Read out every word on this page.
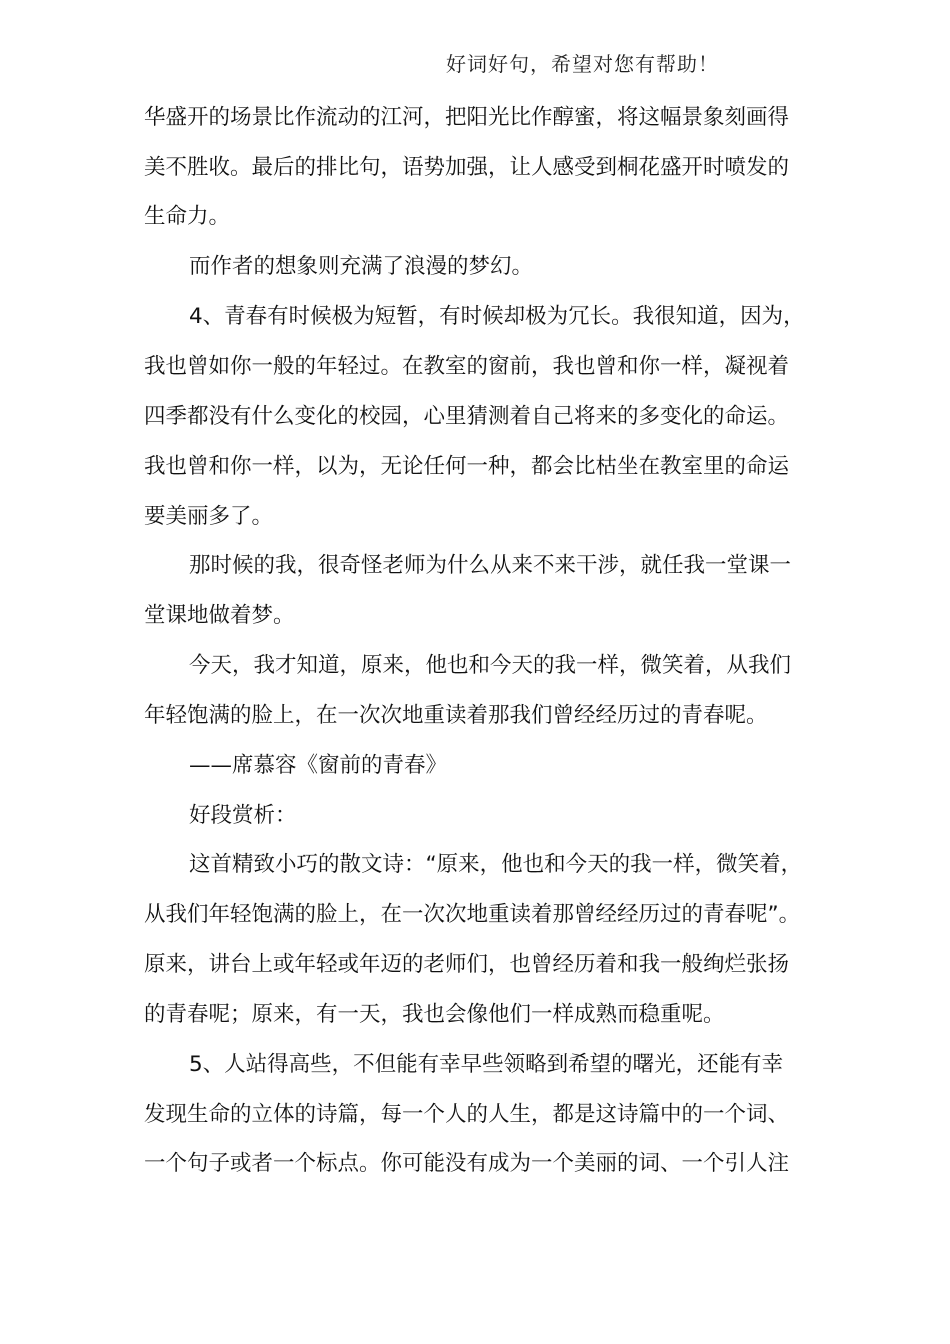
好词好句，希望对您有帮助！
华盛开的场景比作流动的江河，把阳光比作醇蜜，将这幅景象刻画得
美不胜收。最后的排比句，语势加强，让人感受到桐花盛开时喷发的
生命力。
而作者的想象则充满了浪漫的梦幻。
4、青春有时候极为短暂，有时候却极为冗长。我很知道，因为，
我也曾如你一般的年轻过。在教室的窗前，我也曾和你一样，凝视着
四季都没有什么变化的校园，心里猜测着自己将来的多变化的命运。
我也曾和你一样，以为，无论任何一种，都会比枯坐在教室里的命运
要美丽多了。
那时候的我，很奇怪老师为什么从来不来干涉，就任我一堂课一
堂课地做着梦。
今天，我才知道，原来，他也和今天的我一样，微笑着，从我们
年轻饱满的脸上，在一次次地重读着那我们曾经经历过的青春呢。
——席慕容《窗前的青春》
好段赏析：
这首精致小巧的散文诗：“原来，他也和今天的我一样，微笑着，
从我们年轻饱满的脸上，在一次次地重读着那曾经经历过的青春呢”。
原来，讲台上或年轻或年迈的老师们，也曾经历着和我一般绚烂张扬
的青春呢；原来，有一天，我也会像他们一样成熟而稳重呢。
5、人站得高些，不但能有幸早些领略到希望的曙光，还能有幸
发现生命的立体的诗篇，每一个人的人生，都是这诗篇中的一个词、
一个句子或者一个标点。你可能没有成为一个美丽的词、一个引人注
